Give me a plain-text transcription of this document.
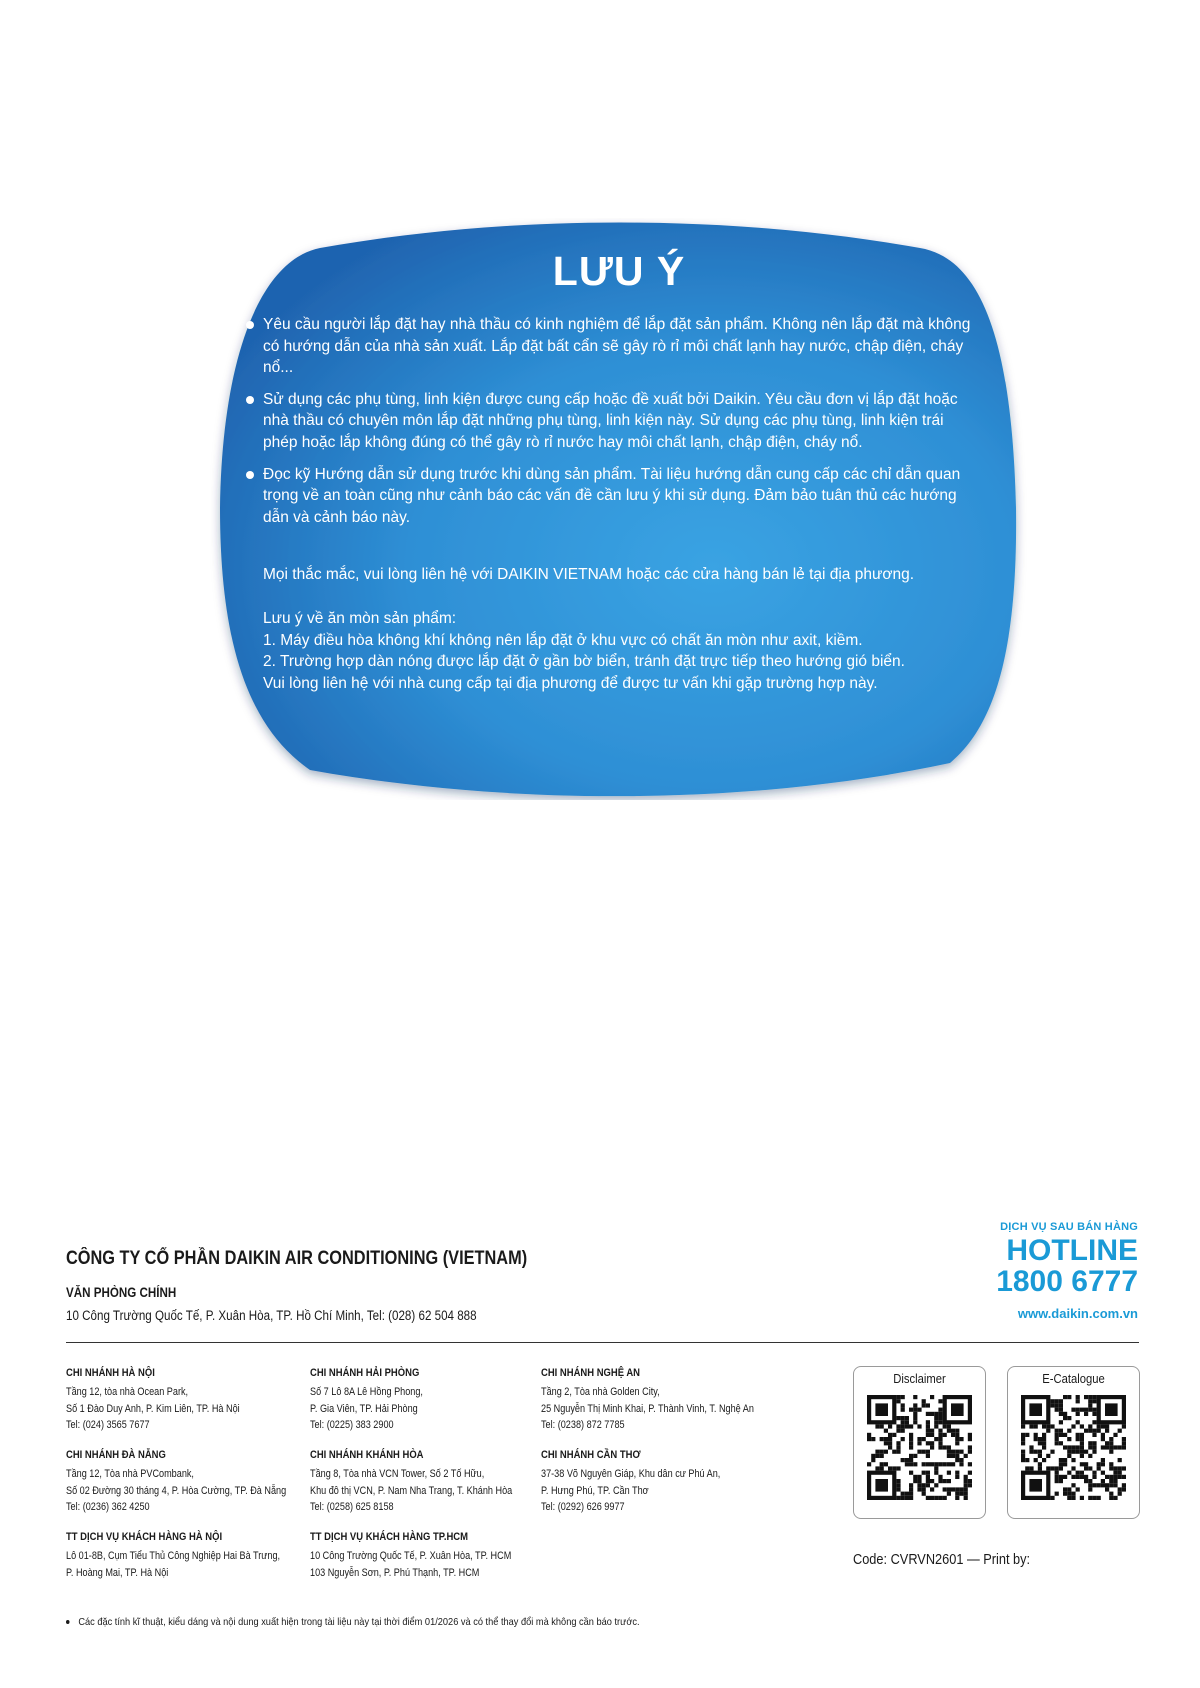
LƯU Ý
Yêu cầu người lắp đặt hay nhà thầu có kinh nghiệm để lắp đặt sản phẩm. Không nên lắp đặt mà không có hướng dẫn của nhà sản xuất. Lắp đặt bất cẩn sẽ gây rò rỉ môi chất lạnh hay nước, chập điện, cháy nổ...
Sử dụng các phụ tùng, linh kiện được cung cấp hoặc đề xuất bởi Daikin. Yêu cầu đơn vị lắp đặt hoặc nhà thầu có chuyên môn lắp đặt những phụ tùng, linh kiện này. Sử dụng các phụ tùng, linh kiện trái phép hoặc lắp không đúng có thể gây rò rỉ nước hay môi chất lạnh, chập điện, cháy nổ.
Đọc kỹ Hướng dẫn sử dụng trước khi dùng sản phẩm. Tài liệu hướng dẫn cung cấp các chỉ dẫn quan trọng về an toàn cũng như cảnh báo các vấn đề cần lưu ý khi sử dụng. Đảm bảo tuân thủ các hướng dẫn và cảnh báo này.
Mọi thắc mắc, vui lòng liên hệ với DAIKIN VIETNAM hoặc các cửa hàng bán lẻ tại địa phương.
Lưu ý về ăn mòn sản phẩm:
1. Máy điều hòa không khí không nên lắp đặt ở khu vực có chất ăn mòn như axit, kiềm.
2. Trường hợp dàn nóng được lắp đặt ở gần bờ biển, tránh đặt trực tiếp theo hướng gió biển.
Vui lòng liên hệ với nhà cung cấp tại địa phương để được tư vấn khi gặp trường hợp này.
CÔNG TY CỔ PHẦN DAIKIN AIR CONDITIONING (VIETNAM)
VĂN PHÒNG CHÍNH
10 Công Trường Quốc Tế, P. Xuân Hòa, TP. Hồ Chí Minh, Tel: (028) 62 504 888
DỊCH VỤ SAU BÁN HÀNG
HOTLINE
1800 6777
www.daikin.com.vn
CHI NHÁNH HÀ NỘI
Tầng 12, tòa nhà Ocean Park,
Số 1 Đào Duy Anh, P. Kim Liên, TP. Hà Nội
Tel: (024) 3565 7677
CHI NHÁNH ĐÀ NẴNG
Tầng 12, Tòa nhà PVCombank,
Số 02 Đường 30 tháng 4, P. Hòa Cường, TP. Đà Nẵng
Tel: (0236) 362 4250
TT DỊCH VỤ KHÁCH HÀNG HÀ NỘI
Lô 01-8B, Cụm Tiểu Thủ Công Nghiệp Hai Bà Trưng,
P. Hoàng Mai, TP. Hà Nội
CHI NHÁNH HẢI PHÒNG
Số 7 Lô 8A Lê Hồng Phong,
P. Gia Viên, TP. Hải Phòng
Tel: (0225) 383 2900
CHI NHÁNH KHÁNH HÒA
Tầng 8, Tòa nhà VCN Tower, Số 2 Tố Hữu,
Khu đô thị VCN, P. Nam Nha Trang, T. Khánh Hòa
Tel: (0258) 625 8158
TT DỊCH VỤ KHÁCH HÀNG TP.HCM
10 Công Trường Quốc Tế, P. Xuân Hòa, TP. HCM
103 Nguyễn Sơn, P. Phú Thạnh, TP. HCM
CHI NHÁNH NGHỆ AN
Tầng 2, Tòa nhà Golden City,
25 Nguyễn Thị Minh Khai, P. Thành Vinh, T. Nghệ An
Tel: (0238) 872 7785
CHI NHÁNH CẦN THƠ
37-38 Võ Nguyên Giáp, Khu dân cư Phú An,
P. Hưng Phú, TP. Cần Thơ
Tel: (0292) 626 9977
Disclaimer	E-Catalogue
Code: CVRVN2601 — Print by:
Các đặc tính kĩ thuật, kiểu dáng và nội dung xuất hiện trong tài liệu này tại thời điểm 01/2026 và có thể thay đổi mà không cần báo trước.
